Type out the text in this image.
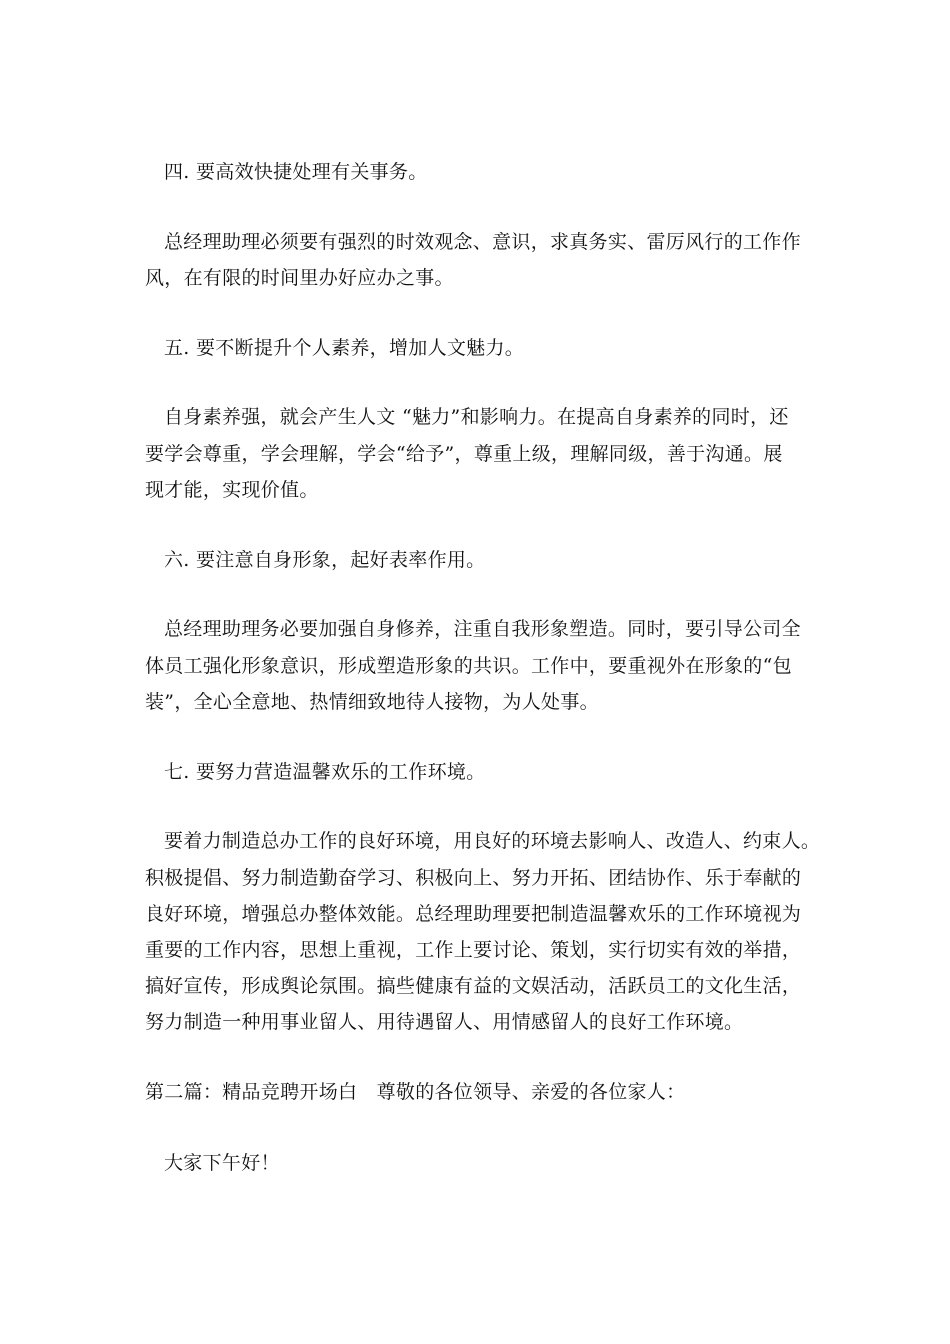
四. 要高效快捷处理有关事务。
总经理助理必须要有强烈的时效观念、意识，求真务实、雷厉风行的工作作
风，在有限的时间里办好应办之事。
五. 要不断提升个人素养，增加人文魅力。
自身素养强，就会产生人文 “魅力”和影响力。在提高自身素养的同时，还
要学会尊重，学会理解，学会“给予”，尊重上级，理解同级，善于沟通。展
现才能，实现价值。
六. 要注意自身形象，起好表率作用。
总经理助理务必要加强自身修养，注重自我形象塑造。同时，要引导公司全
体员工强化形象意识，形成塑造形象的共识。工作中，要重视外在形象的“包
装”，全心全意地、热情细致地待人接物，为人处事。
七. 要努力营造温馨欢乐的工作环境。
要着力制造总办工作的良好环境，用良好的环境去影响人、改造人、约束人。
积极提倡、努力制造勤奋学习、积极向上、努力开拓、团结协作、乐于奉献的
良好环境，增强总办整体效能。总经理助理要把制造温馨欢乐的工作环境视为
重要的工作内容，思想上重视，工作上要讨论、策划，实行切实有效的举措，
搞好宣传，形成舆论氛围。搞些健康有益的文娱活动，活跃员工的文化生活，
努力制造一种用事业留人、用待遇留人、用情感留人的良好工作环境。
第二篇：精品竞聘开场白　尊敬的各位领导、亲爱的各位家人：
大家下午好！
